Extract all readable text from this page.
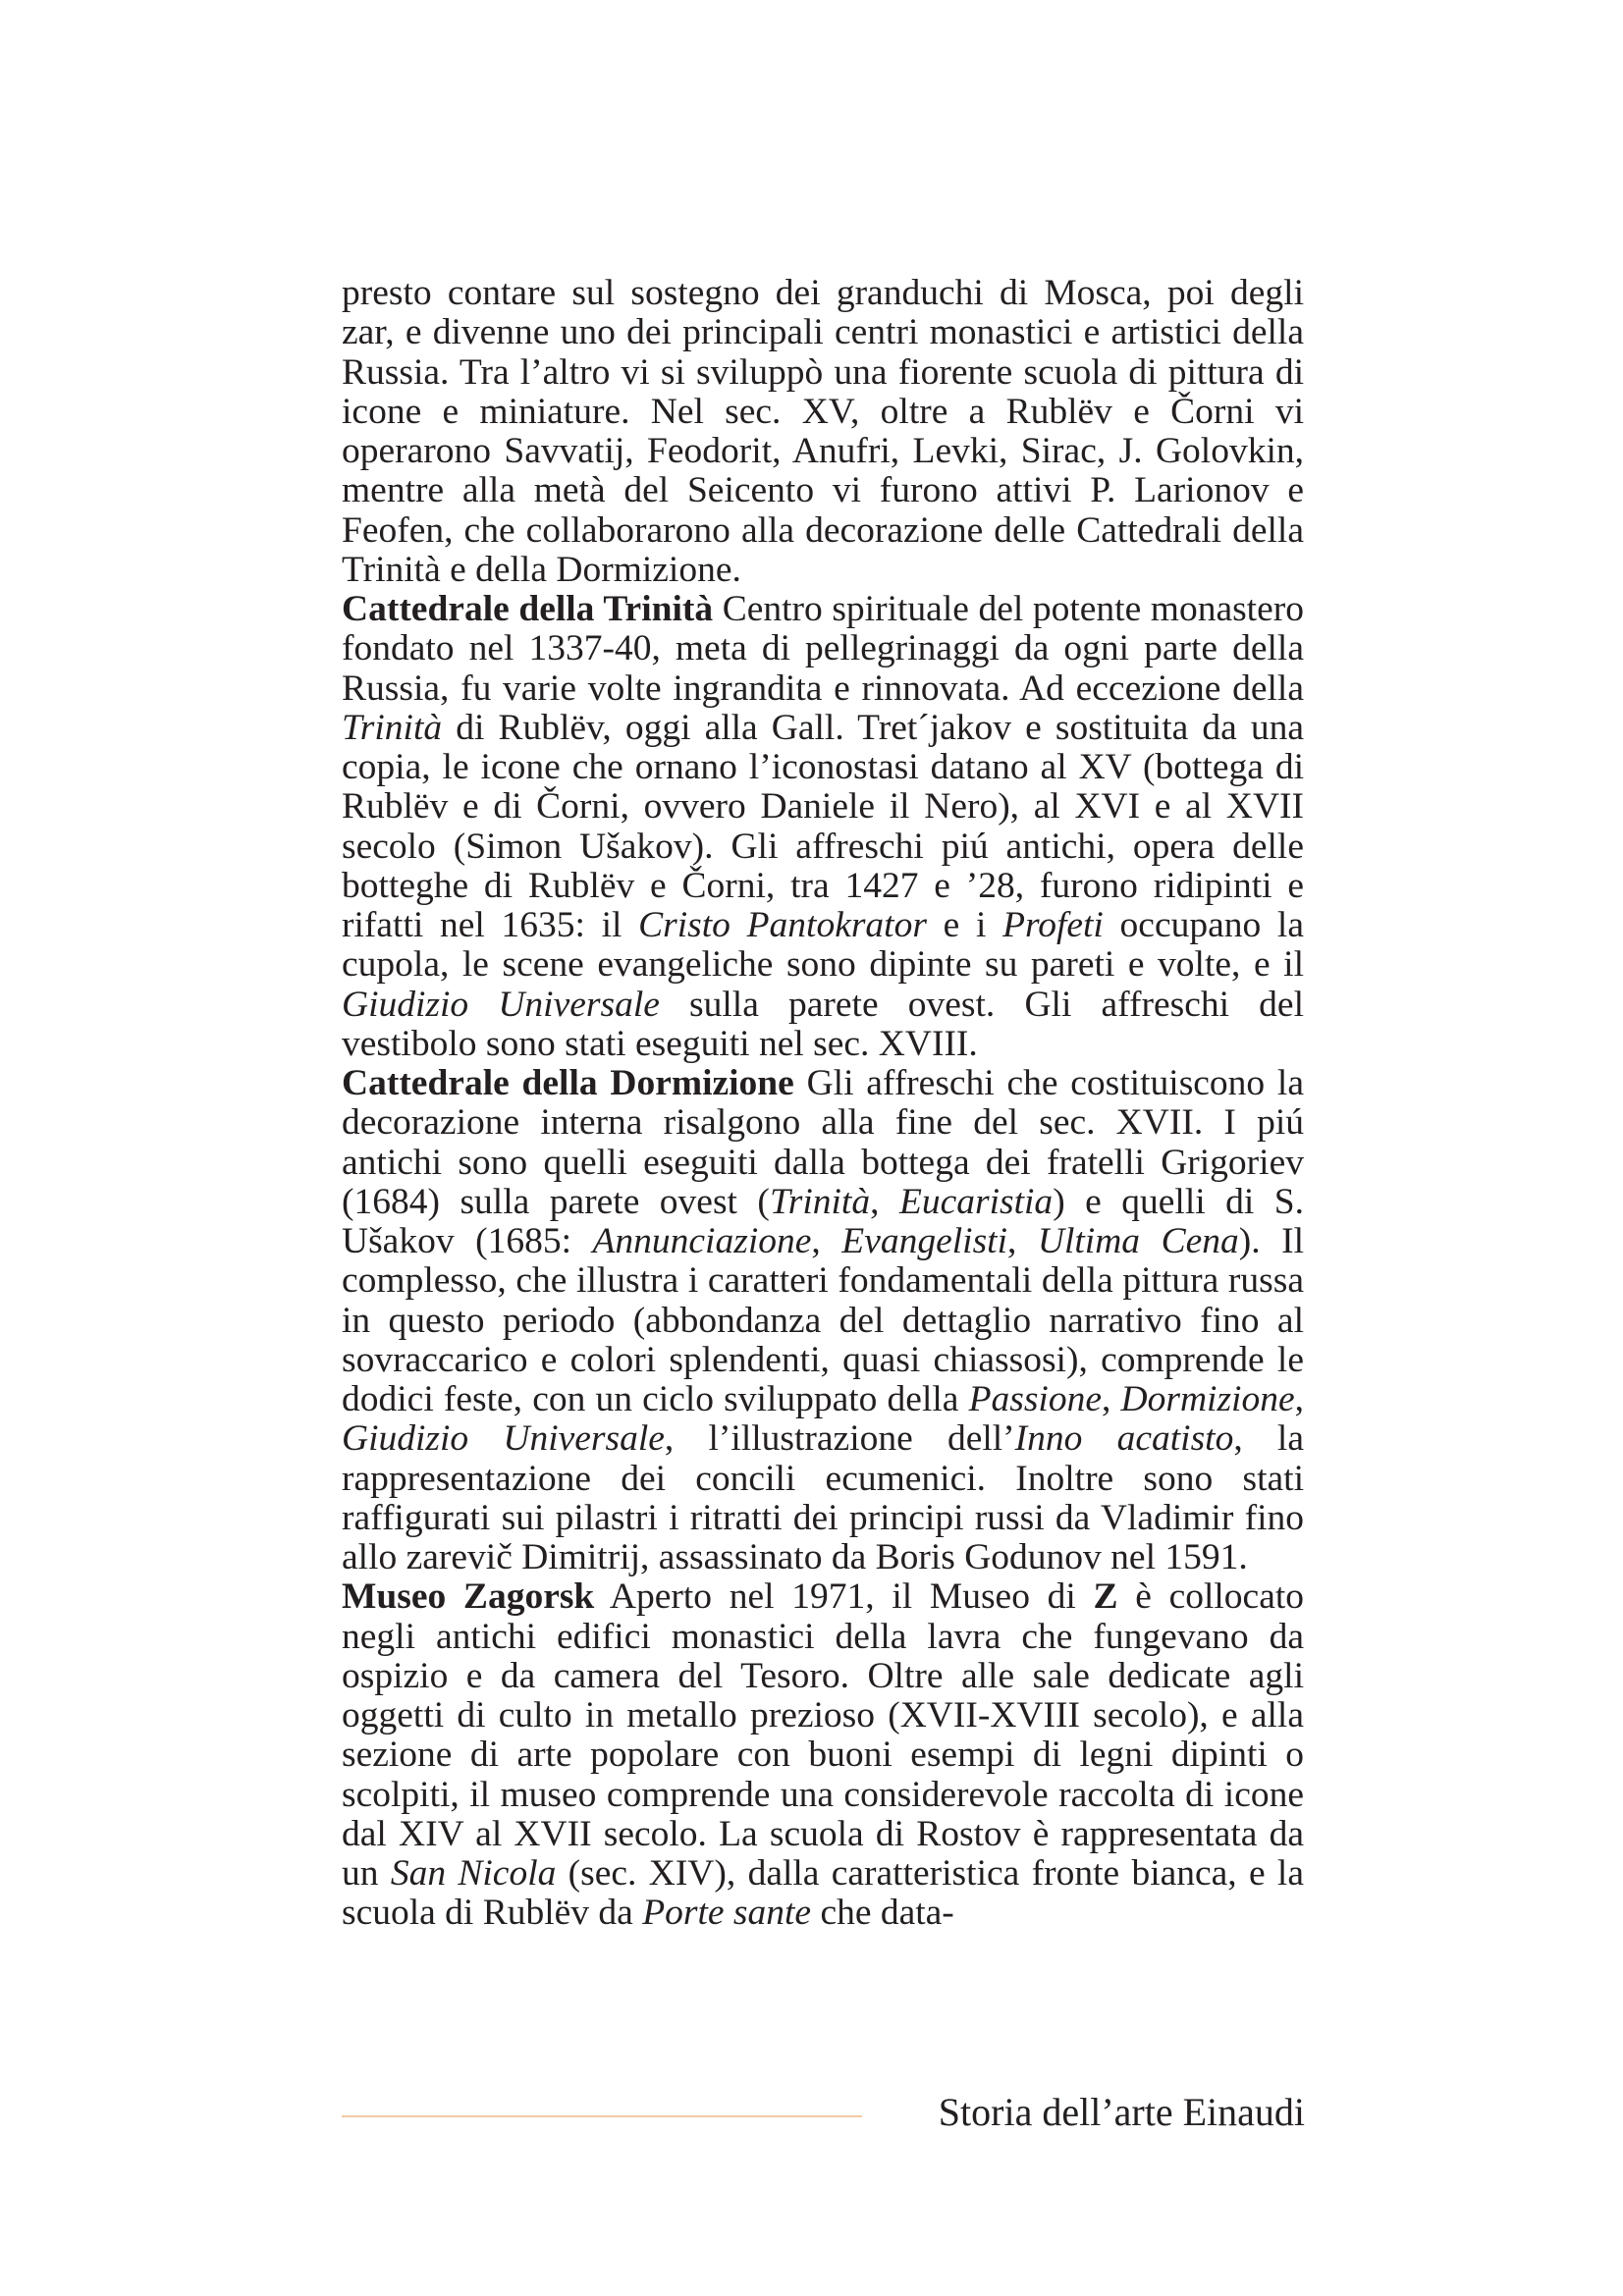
presto contare sul sostegno dei granduchi di Mosca, poi degli zar, e divenne uno dei principali centri monastici e artistici della Russia. Tra l’altro vi si sviluppò una fiorente scuola di pittura di icone e miniature. Nel sec. XV, oltre a Rublëv e Čorni vi operarono Savvatij, Feodorit, Anufri, Levki, Sirac, J. Golovkin, mentre alla metà del Seicento vi furono attivi P. Larionov e Feofen, che collaborarono alla decorazione delle Cattedrali della Trinità e della Dormizione.
Cattedrale della Trinità Centro spirituale del potente monastero fondato nel 1337-40, meta di pellegrinaggi da ogni parte della Russia, fu varie volte ingrandita e rinnovata. Ad eccezione della Trinità di Rublëv, oggi alla Gall. Tret´jakov e sostituita da una copia, le icone che ornano l’iconostasi datano al XV (bottega di Rublëv e di Čorni, ovvero Daniele il Nero), al XVI e al XVII secolo (Simon Ušakov). Gli affreschi piú antichi, opera delle botteghe di Rublëv e Čorni, tra 1427 e ’28, furono ridipinti e rifatti nel 1635: il Cristo Pantokrator e i Profeti occupano la cupola, le scene evangeliche sono dipinte su pareti e volte, e il Giudizio Universale sulla parete ovest. Gli affreschi del vestibolo sono stati eseguiti nel sec. XVIII.
Cattedrale della Dormizione Gli affreschi che costituiscono la decorazione interna risalgono alla fine del sec. XVII. I piú antichi sono quelli eseguiti dalla bottega dei fratelli Grigoriev (1684) sulla parete ovest (Trinità, Eucaristia) e quelli di S. Ušakov (1685: Annunciazione, Evangelisti, Ultima Cena). Il complesso, che illustra i caratteri fondamentali della pittura russa in questo periodo (abbondanza del dettaglio narrativo fino al sovraccarico e colori splendenti, quasi chiassosi), comprende le dodici feste, con un ciclo sviluppato della Passione, Dormizione, Giudizio Universale, l’illustrazione dell’Inno acatisto, la rappresentazione dei concili ecumenici. Inoltre sono stati raffigurati sui pilastri i ritratti dei principi russi da Vladimir fino allo zarevič Dimitrij, assassinato da Boris Godunov nel 1591.
Museo Zagorsk Aperto nel 1971, il Museo di Z è collocato negli antichi edifici monastici della lavra che fungevano da ospizio e da camera del Tesoro. Oltre alle sale dedicate agli oggetti di culto in metallo prezioso (XVII-XVIII secolo), e alla sezione di arte popolare con buoni esempi di legni dipinti o scolpiti, il museo comprende una considerevole raccolta di icone dal XIV al XVII secolo. La scuola di Rostov è rappresentata da un San Nicola (sec. XIV), dalla caratteristica fronte bianca, e la scuola di Rublëv da Porte sante che data-
Storia dell’arte Einaudi
